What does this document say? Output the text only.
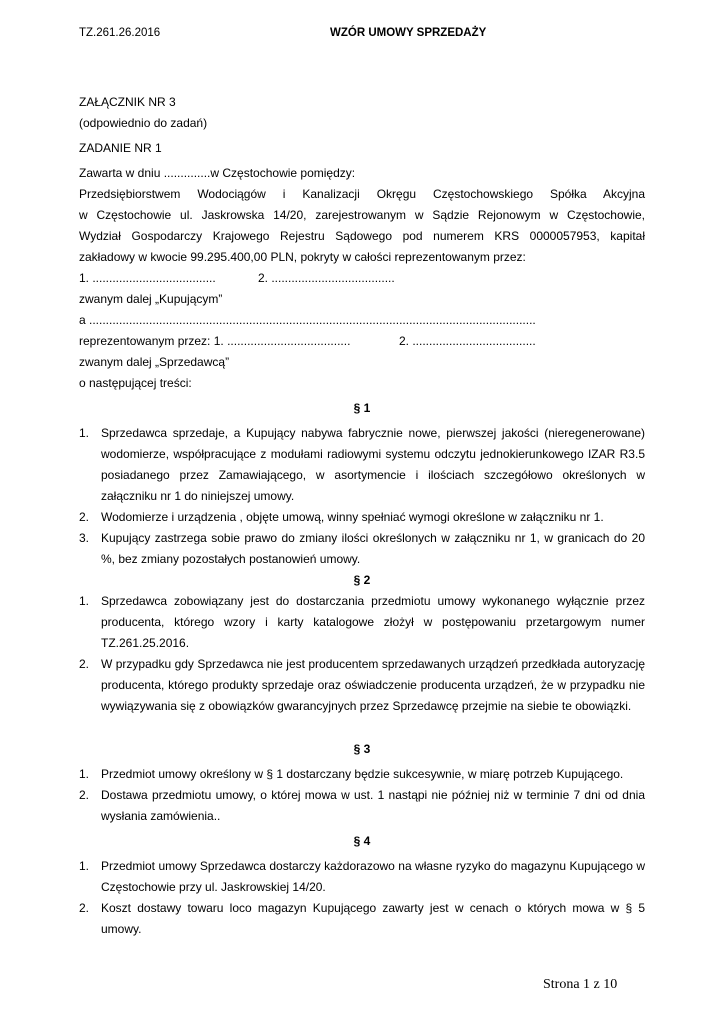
TZ.261.26.2016	WZÓR UMOWY SPRZEDAŻY

ZAŁĄCZNIK NR 3

(odpowiednio do zadań)

ZADANIE NR 1

Zawarta w dniu ..............w Częstochowie pomiędzy:

Przedsiębiorstwem Wodociągów i Kanalizacji Okręgu Częstochowskiego Spółka Akcyjna

w Częstochowie ul. Jaskrowska 14/20, zarejestrowanym w Sądzie Rejonowym w Częstochowie,

Wydział Gospodarczy Krajowego Rejestru Sądowego pod numerem KRS 0000057953, kapitał

zakładowy w kwocie 99.295.400,00 PLN, pokryty w całości reprezentowanym przez:

1. .....................................	2. .....................................

zwanym dalej „Kupującym”

a ......................................................................................................................................

reprezentowanym przez: 1. .....................................	2. .....................................

zwanym dalej „Sprzedawcą”

o następującej treści:

§ 1

1. Sprzedawca sprzedaje, a Kupujący nabywa fabrycznie nowe, pierwszej jakości (nieregenerowane) wodomierze, współpracujące z modułami radiowymi systemu odczytu jednokierunkowego IZAR R3.5 posiadanego przez Zamawiającego, w asortymencie i ilościach szczegółowo określonych w załączniku nr 1 do niniejszej umowy.
2. Wodomierze i urządzenia , objęte umową, winny spełniać wymogi określone w załączniku nr 1.
3. Kupujący zastrzega sobie prawo do zmiany ilości określonych w załączniku nr 1, w granicach do 20 %, bez zmiany pozostałych postanowień umowy.

§ 2

1. Sprzedawca zobowiązany jest do dostarczania przedmiotu umowy wykonanego wyłącznie przez producenta, którego wzory i karty katalogowe złożył w postępowaniu przetargowym numer TZ.261.25.2016.
2. W przypadku gdy Sprzedawca nie jest producentem sprzedawanych urządzeń przedkłada autoryzację producenta, którego produkty sprzedaje oraz oświadczenie producenta urządzeń, że w przypadku nie wywiązywania się z obowiązków gwarancyjnych przez Sprzedawcę przejmie na siebie te obowiązki.

§ 3

1. Przedmiot umowy określony w § 1 dostarczany będzie sukcesywnie, w miarę potrzeb Kupującego.
2. Dostawa przedmiotu umowy, o której mowa w ust. 1 nastąpi nie później niż w terminie 7 dni od dnia wysłania zamówienia..

§ 4

1. Przedmiot umowy Sprzedawca dostarczy każdorazowo na własne ryzyko do magazynu Kupującego w Częstochowie przy ul. Jaskrowskiej 14/20.
2. Koszt dostawy towaru loco magazyn Kupującego zawarty jest w cenach o których mowa w § 5 umowy.
Strona 1 z 10
